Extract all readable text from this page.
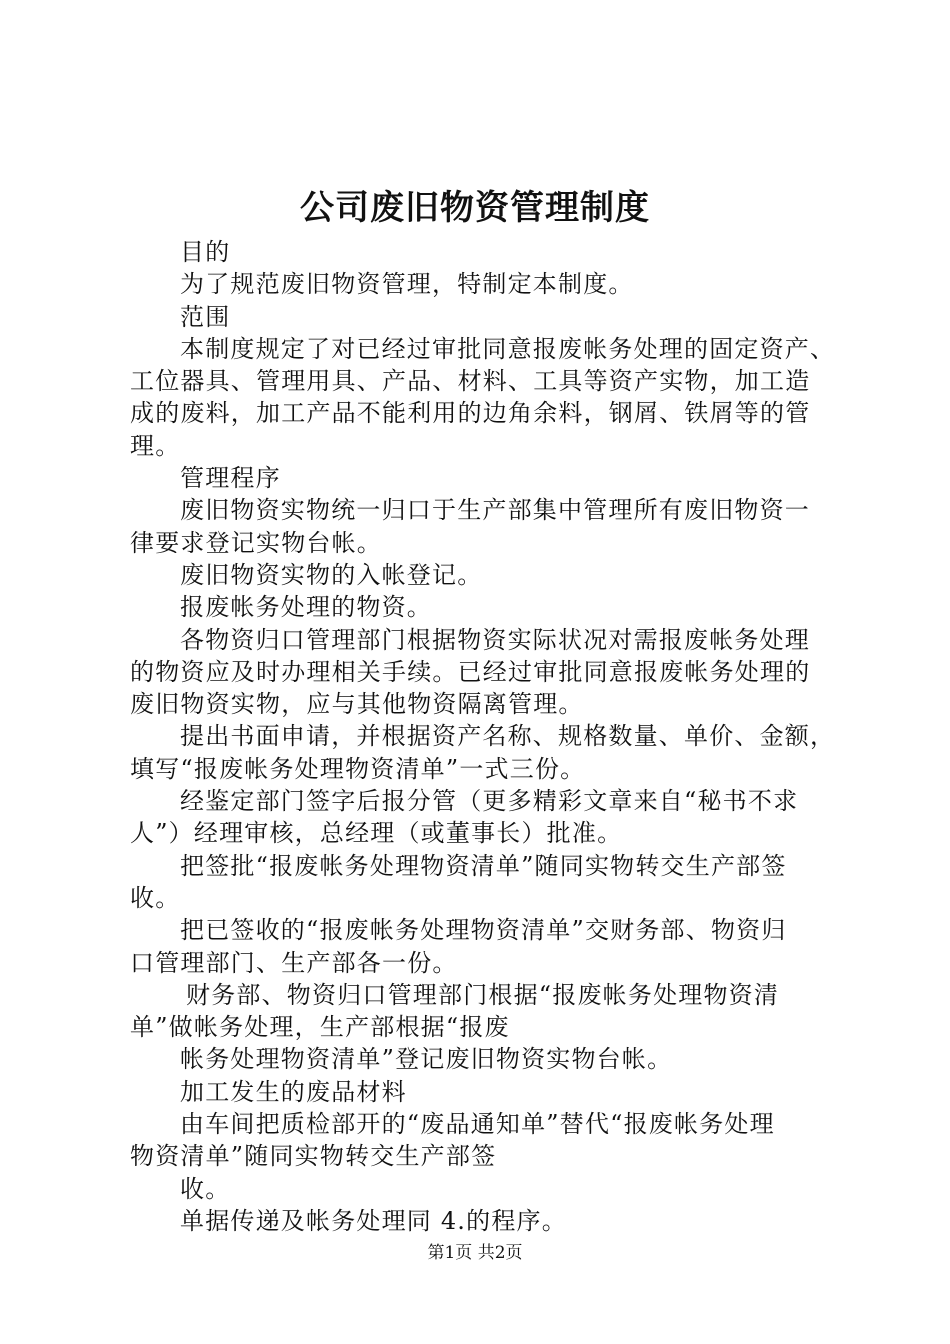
公司废旧物资管理制度
目的
为了规范废旧物资管理，特制定本制度。
范围
本制度规定了对已经过审批同意报废帐务处理的固定资产、
工位器具、管理用具、产品、材料、工具等资产实物，加工造
成的废料，加工产品不能利用的边角余料，钢屑、铁屑等的管
理。
管理程序
废旧物资实物统一归口于生产部集中管理所有废旧物资一
律要求登记实物台帐。
废旧物资实物的入帐登记。
报废帐务处理的物资。
各物资归口管理部门根据物资实际状况对需报废帐务处理
的物资应及时办理相关手续。已经过审批同意报废帐务处理的
废旧物资实物，应与其他物资隔离管理。
提出书面申请，并根据资产名称、规格数量、单价、金额，
填写“报废帐务处理物资清单”一式三份。
经鉴定部门签字后报分管（更多精彩文章来自“秘书不求
人”）经理审核，总经理（或董事长）批准。
把签批“报废帐务处理物资清单”随同实物转交生产部签
收。
把已签收的“报废帐务处理物资清单”交财务部、物资归
口管理部门、生产部各一份。
财务部、物资归口管理部门根据“报废帐务处理物资清
单”做帐务处理，生产部根据“报废
帐务处理物资清单”登记废旧物资实物台帐。
加工发生的废品材料
由车间把质检部开的“废品通知单”替代“报废帐务处理
物资清单”随同实物转交生产部签
收。
单据传递及帐务处理同 4.的程序。
第1页 共2页
